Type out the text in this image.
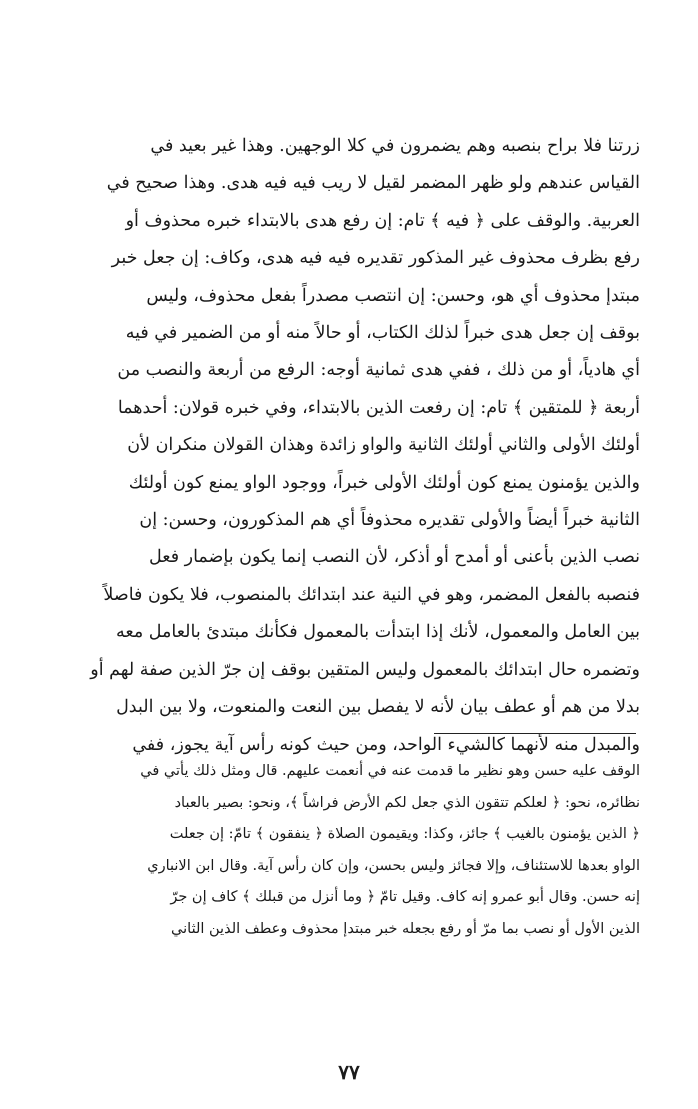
زرتنا فلا براح بنصبه وهم يضمرون في كلا الوجهين. وهذا غير بعيد في
القياس عندهم ولو ظهر المضمر لقيل لا ريب فيه فيه هدى. وهذا صحيح في
العربية. والوقف على ﴿ فيه ﴾ تام: إن رفع هدى بالابتداء خبره محذوف أو
رفع بظرف محذوف غير المذكور تقديره فيه فيه هدى، وكاف: إن جعل خبر
مبتدإ محذوف أي هو، وحسن: إن انتصب مصدراً بفعل محذوف، وليس
بوقف إن جعل هدى خبراً لذلك الكتاب، أو حالاً منه أو من الضمير في فيه
أي هادياً، أو من ذلك ، ففي هدى ثمانية أوجه: الرفع من أربعة والنصب من
أربعة ﴿ للمتقين ﴾ تام: إن رفعت الذين بالابتداء، وفي خبره قولان: أحدهما
أولئك الأولى والثاني أولئك الثانية والواو زائدة وهذان القولان منكران لأن
والذين يؤمنون يمنع كون أولئك الأولى خبراً، ووجود الواو يمنع كون أولئك
الثانية خبراً أيضاً والأولى تقديره محذوفاً أي هم المذكورون، وحسن: إن
نصب الذين بأعنى أو أمدح أو أذكر، لأن النصب إنما يكون بإضمار فعل
فنصبه بالفعل المضمر، وهو في النية عند ابتدائك بالمنصوب، فلا يكون فاصلاً
بين العامل والمعمول، لأنك إذا ابتدأت بالمعمول فكأنك مبتدئ بالعامل معه
وتضمره حال ابتدائك بالمعمول وليس المتقين بوقف إن جرّ الذين صفة لهم أو
بدلا من هم أو عطف بيان لأنه لا يفصل بين النعت والمنعوت، ولا بين البدل
والمبدل منه لأنهما كالشيء الواحد، ومن حيث كونه رأس آية يجوز، ففي
الوقف عليه حسن وهو نظير ما قدمت عنه في أنعمت عليهم. قال ومثل ذلك يأتي في
نظائره، نحو: ﴿ لعلكم تتقون الذي جعل لكم الأرض فراشاً ﴾، ونحو: بصير بالعباد
﴿ الذين يؤمنون بالغيب ﴾ جائز، وكذا: ويقيمون الصلاة ﴿ ينفقون ﴾ تامّ: إن جعلت
الواو بعدها للاستئناف، وإلا فجائز وليس بحسن، وإن كان رأس آية. وقال ابن الانباري
إنه حسن. وقال أبو عمرو إنه كاف. وقيل تامّ ﴿ وما أنزل من قبلك ﴾ كاف إن جرّ
الذين الأول أو نصب بما مرّ أو رفع بجعله خبر مبتدإ محذوف وعطف الذين الثاني
٧٧
